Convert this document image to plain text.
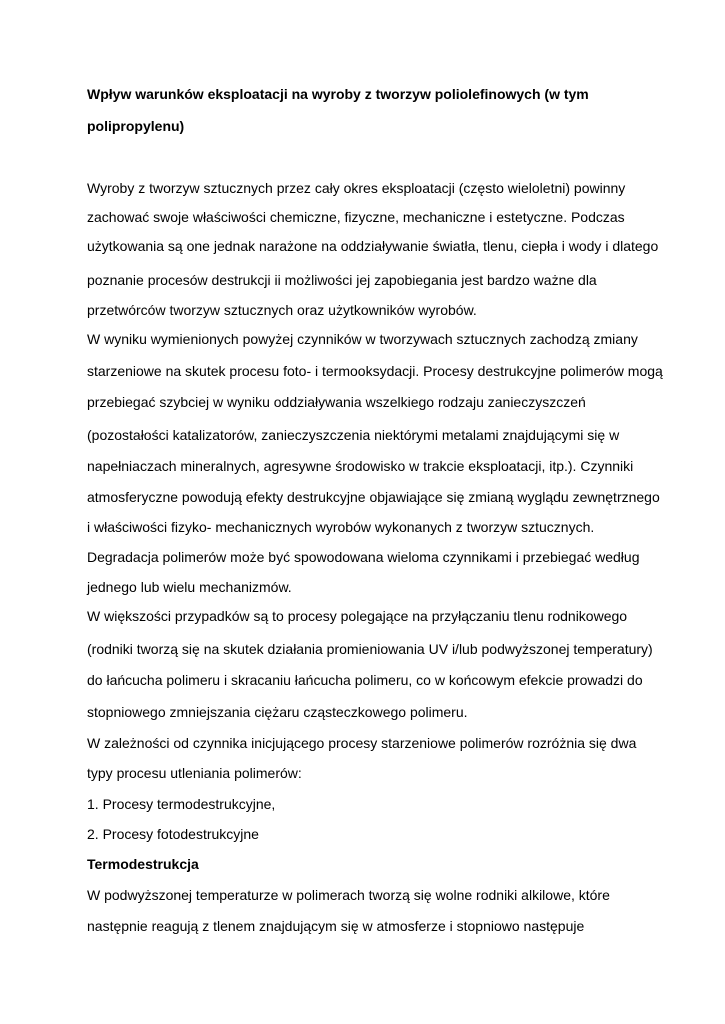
Wpływ warunków eksploatacji na wyroby z tworzyw poliolefinowych (w tym
polipropylenu)
Wyroby z tworzyw sztucznych przez cały okres eksploatacji (często wieloletni) powinny
zachować swoje właściwości chemiczne, fizyczne, mechaniczne i estetyczne. Podczas
użytkowania są one jednak narażone na oddziaływanie światła, tlenu, ciepła i wody i dlatego
poznanie procesów destrukcji ii możliwości jej zapobiegania jest bardzo ważne dla
przetwórców tworzyw sztucznych oraz użytkowników wyrobów.
W wyniku wymienionych powyżej czynników w tworzywach sztucznych zachodzą zmiany
starzeniowe na skutek procesu foto- i termooksydacji. Procesy destrukcyjne polimerów mogą
przebiegać szybciej w wyniku oddziaływania wszelkiego rodzaju zanieczyszczeń
(pozostałości katalizatorów, zanieczyszczenia niektórymi metalami znajdującymi się w
napełniaczach mineralnych, agresywne środowisko w trakcie eksploatacji, itp.). Czynniki
atmosferyczne powodują efekty destrukcyjne objawiające się zmianą wyglądu zewnętrznego
i właściwości fizyko- mechanicznych wyrobów wykonanych z tworzyw sztucznych.
Degradacja polimerów może być spowodowana wieloma czynnikami i przebiegać według
jednego lub wielu mechanizmów.
W większości przypadków są to procesy polegające na przyłączaniu tlenu rodnikowego
(rodniki tworzą się na skutek działania promieniowania UV i/lub podwyższonej temperatury)
do łańcucha polimeru i skracaniu łańcucha polimeru, co w końcowym efekcie prowadzi do
stopniowego zmniejszania ciężaru cząsteczkowego polimeru.
W zależności od czynnika inicjującego procesy starzeniowe polimerów rozróżnia się dwa
typy procesu utleniania polimerów:
1. Procesy termodestrukcyjne,
2. Procesy fotodestrukcyjne
Termodestrukcja
W podwyższonej temperaturze w polimerach tworzą się wolne rodniki alkilowe, które
następnie reagują z tlenem znajdującym się w atmosferze i stopniowo następuje
